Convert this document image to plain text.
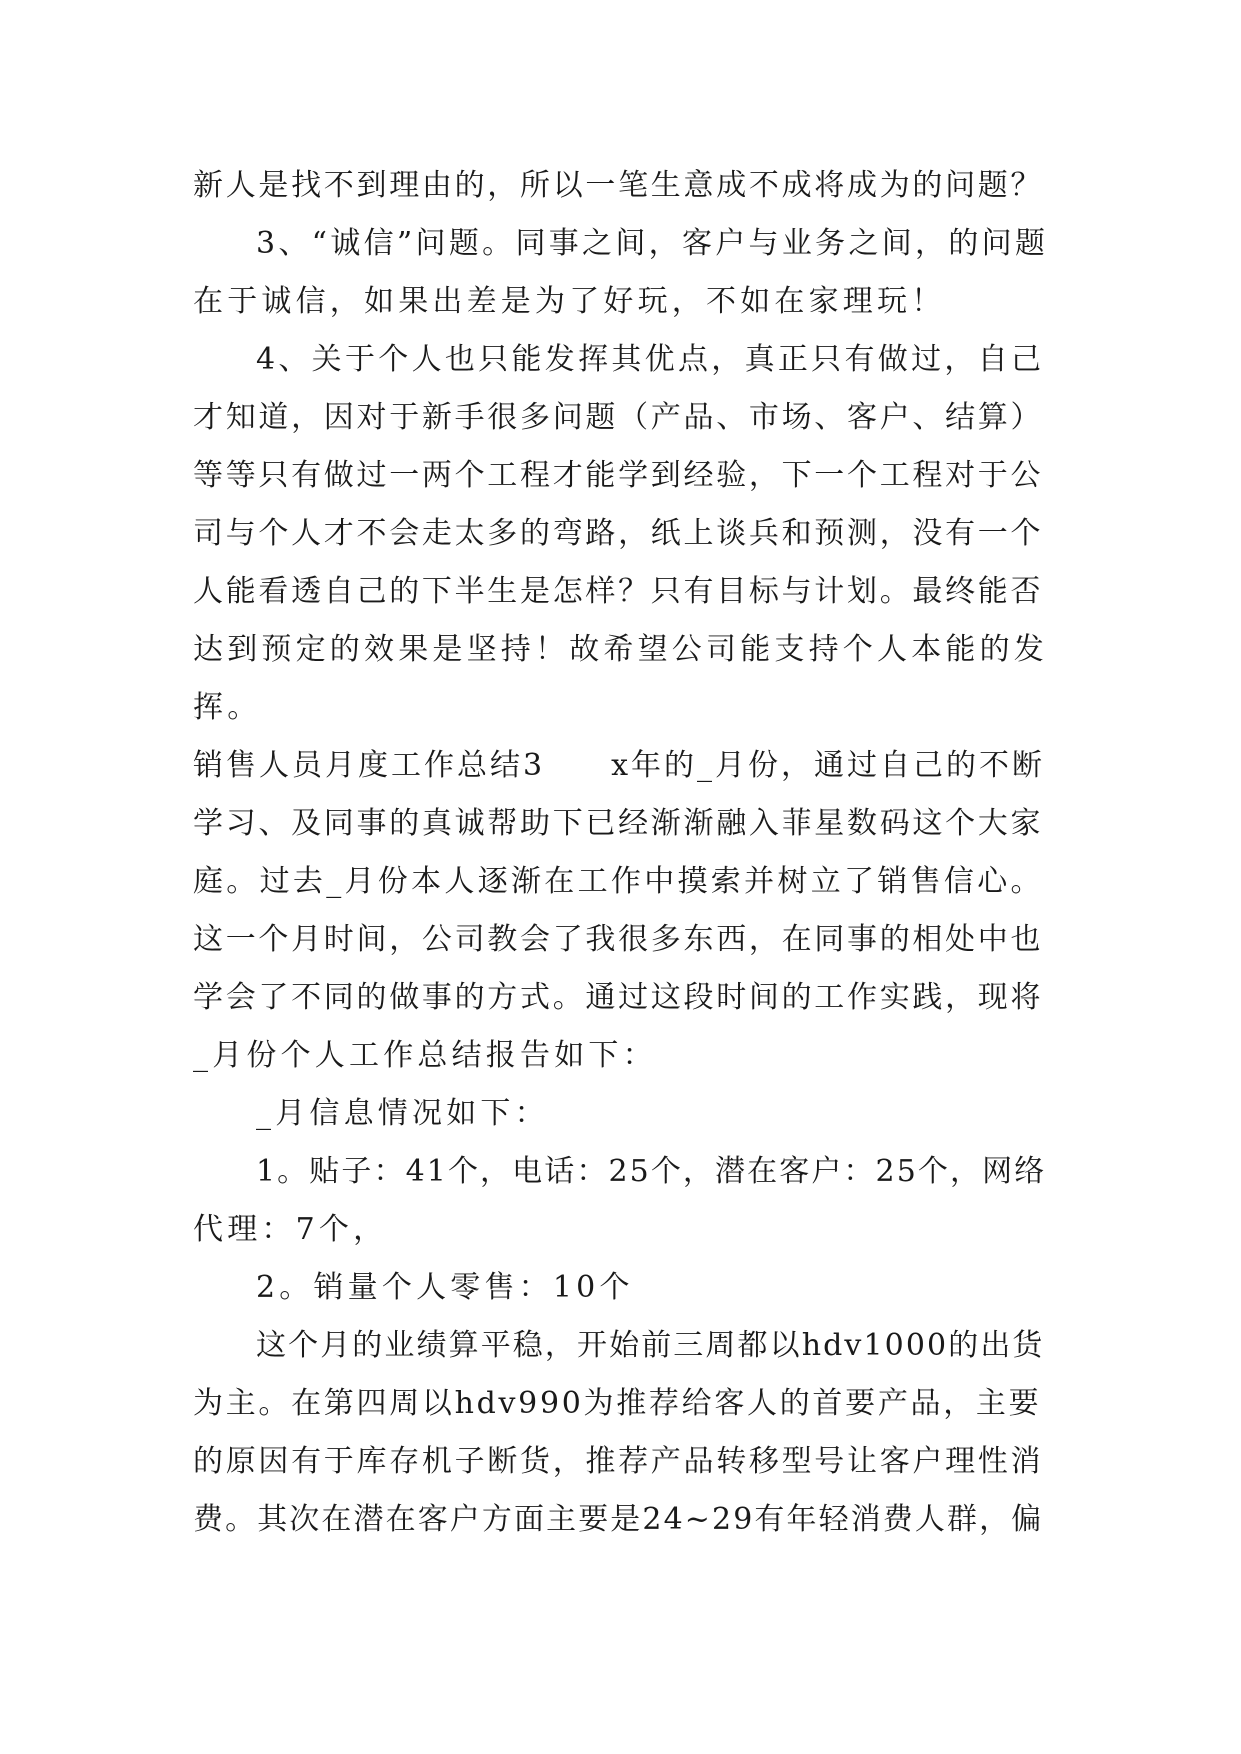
新人是找不到理由的，所以一笔生意成不成将成为的问题？
3、“诚信”问题。同事之间，客户与业务之间，的问题
在于诚信，如果出差是为了好玩，不如在家理玩！
4、关于个人也只能发挥其优点，真正只有做过，自己
才知道，因对于新手很多问题（产品、市场、客户、结算）
等等只有做过一两个工程才能学到经验，下一个工程对于公
司与个人才不会走太多的弯路，纸上谈兵和预测，没有一个
人能看透自己的下半生是怎样？只有目标与计划。最终能否
达到预定的效果是坚持！故希望公司能支持个人本能的发
挥。
销售人员月度工作总结3　　x年的_月份，通过自己的不断
学习、及同事的真诚帮助下已经渐渐融入菲星数码这个大家
庭。过去_月份本人逐渐在工作中摸索并树立了销售信心。
这一个月时间，公司教会了我很多东西，在同事的相处中也
学会了不同的做事的方式。通过这段时间的工作实践，现将
_月份个人工作总结报告如下：
_月信息情况如下：
1。贴子：41个，电话：25个，潜在客户：25个，网络
代理：7个，
2。销量个人零售：10个
这个月的业绩算平稳，开始前三周都以hdv1000的出货
为主。在第四周以hdv990为推荐给客人的首要产品，主要
的原因有于库存机子断货，推荐产品转移型号让客户理性消
费。其次在潜在客户方面主要是24~29有年轻消费人群，偏
